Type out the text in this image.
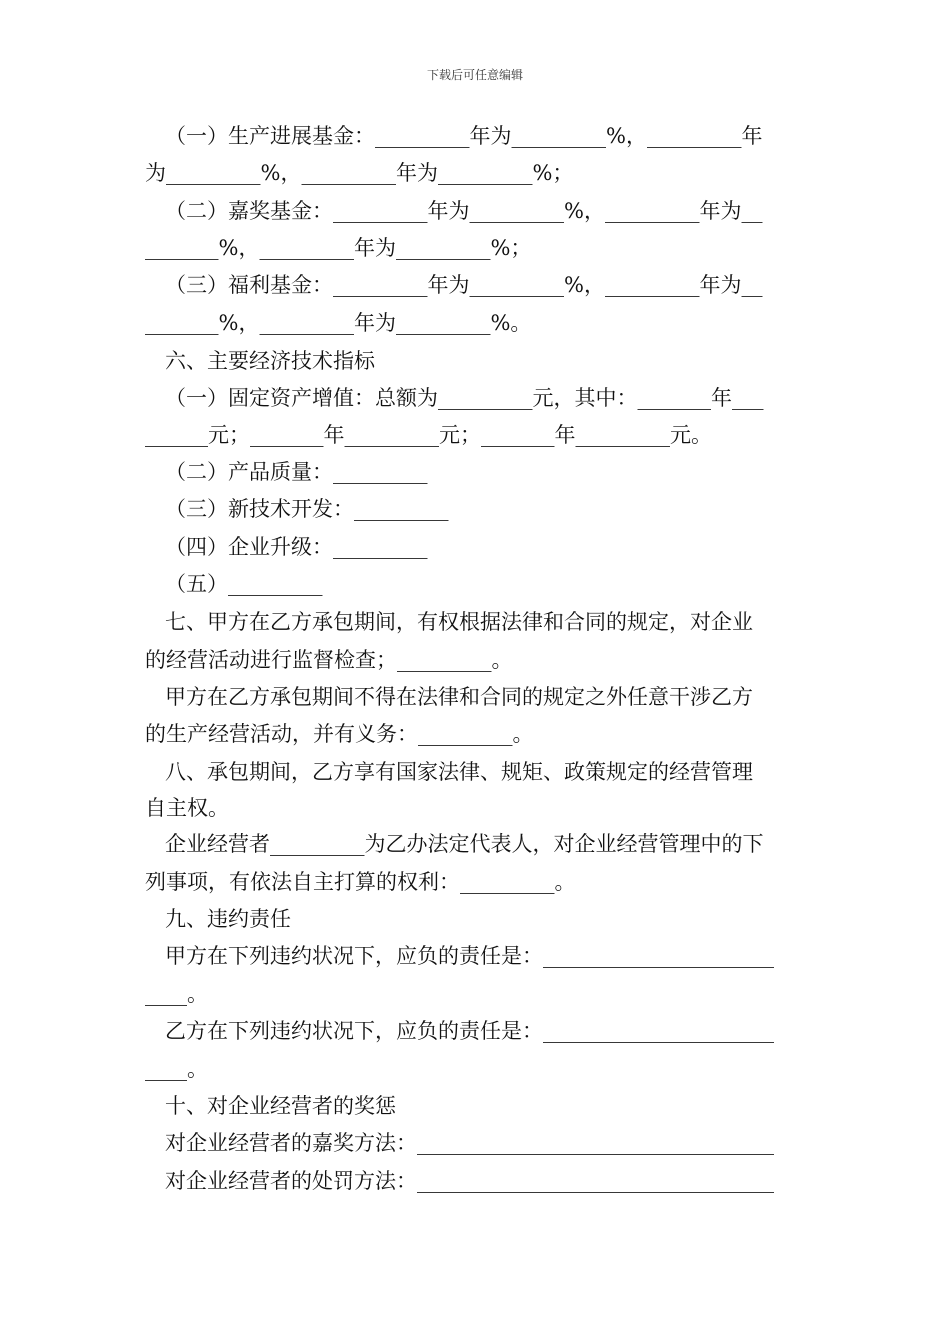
下载后可任意编辑
（一）生产进展基金：_________年为_________%，_________年
为_________%，_________年为_________%；
（二）嘉奖基金：_________年为_________%，_________年为__
_______%，_________年为_________%；
（三）福利基金：_________年为_________%，_________年为__
_______%，_________年为_________%。
六、主要经济技术指标
（一）固定资产增值：总额为_________元，其中：_______年___
______元；_______年_________元；_______年_________元。
（二）产品质量：_________
（三）新技术开发：_________
（四）企业升级：_________
（五）_________
七、甲方在乙方承包期间，有权根据法律和合同的规定，对企业
的经营活动进行监督检查；_________。
甲方在乙方承包期间不得在法律和合同的规定之外任意干涉乙方
的生产经营活动，并有义务：_________。
八、承包期间，乙方享有国家法律、规矩、政策规定的经营管理
自主权。
企业经营者_________为乙办法定代表人，对企业经营管理中的下
列事项，有依法自主打算的权利：_________。
九、违约责任
甲方在下列违约状况下，应负的责任是：______________________
____。
乙方在下列违约状况下，应负的责任是：______________________
____。
十、对企业经营者的奖惩
对企业经营者的嘉奖方法：__________________________________
对企业经营者的处罚方法：__________________________________
